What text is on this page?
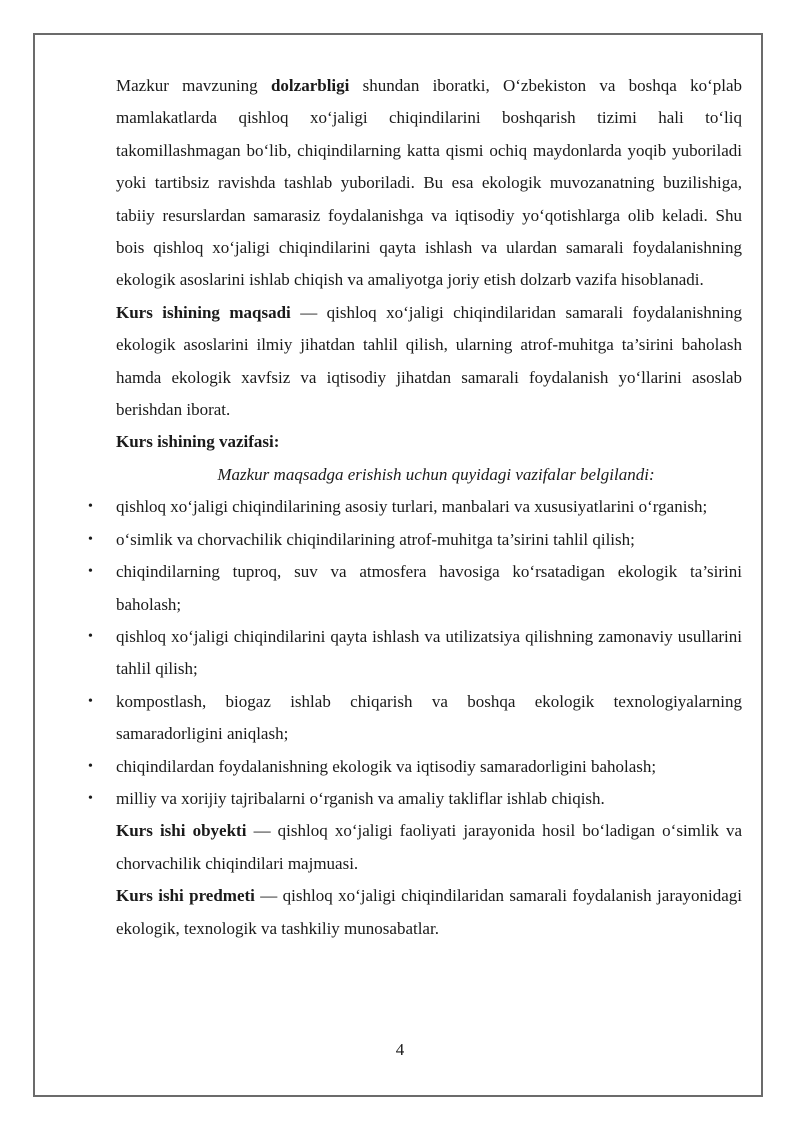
Mazkur mavzuning dolzarbligi shundan iboratki, O‘zbekiston va boshqa ko‘plab mamlakatlarda qishloq xo‘jaligi chiqindilarini boshqarish tizimi hali to‘liq takomillashmagan bo‘lib, chiqindilarning katta qismi ochiq maydonlarda yoqib yuboriladi yoki tartibsiz ravishda tashlab yuboriladi. Bu esa ekologik muvozanatning buzilishiga, tabiiy resurslardan samarasiz foydalanishga va iqtisodiy yo‘qotishlarga olib keladi. Shu bois qishloq xo‘jaligi chiqindilarini qayta ishlash va ulardan samarali foydalanishning ekologik asoslarini ishlab chiqish va amaliyotga joriy etish dolzarb vazifa hisoblanadi.

Kurs ishining maqsadi — qishloq xo‘jaligi chiqindilaridan samarali foydalanishning ekologik asoslarini ilmiy jihatdan tahlil qilish, ularning atrof-muhitga ta’sirini baholash hamda ekologik xavfsiz va iqtisodiy jihatdan samarali foydalanish yo‘llarini asoslab berishdan iborat.

Kurs ishining vazifasi:

Mazkur maqsadga erishish uchun quyidagi vazifalar belgilandi:

• qishloq xo‘jaligi chiqindilarining asosiy turlari, manbalari va xususiyatlarini o‘rganish;
• o‘simlik va chorvachilik chiqindilarining atrof-muhitga ta’sirini tahlil qilish;
• chiqindilarning tuproq, suv va atmosfera havosiga ko‘rsatadigan ekologik ta’sirini baholash;
• qishloq xo‘jaligi chiqindilarini qayta ishlash va utilizatsiya qilishning zamonaviy usullarini tahlil qilish;
• kompostlash, biogaz ishlab chiqarish va boshqa ekologik texnologiyalarning samaradorligini aniqlash;
• chiqindilardan foydalanishning ekologik va iqtisodiy samaradorligini baholash;
• milliy va xorijiy tajribalarni o‘rganish va amaliy takliflar ishlab chiqish.

Kurs ishi obyekti — qishloq xo‘jaligi faoliyati jarayonida hosil bo‘ladigan o‘simlik va chorvachilik chiqindilari majmuasi.

Kurs ishi predmeti — qishloq xo‘jaligi chiqindilaridan samarali foydalanish jarayonidagi ekologik, texnologik va tashkiliy munosabatlar.

4
